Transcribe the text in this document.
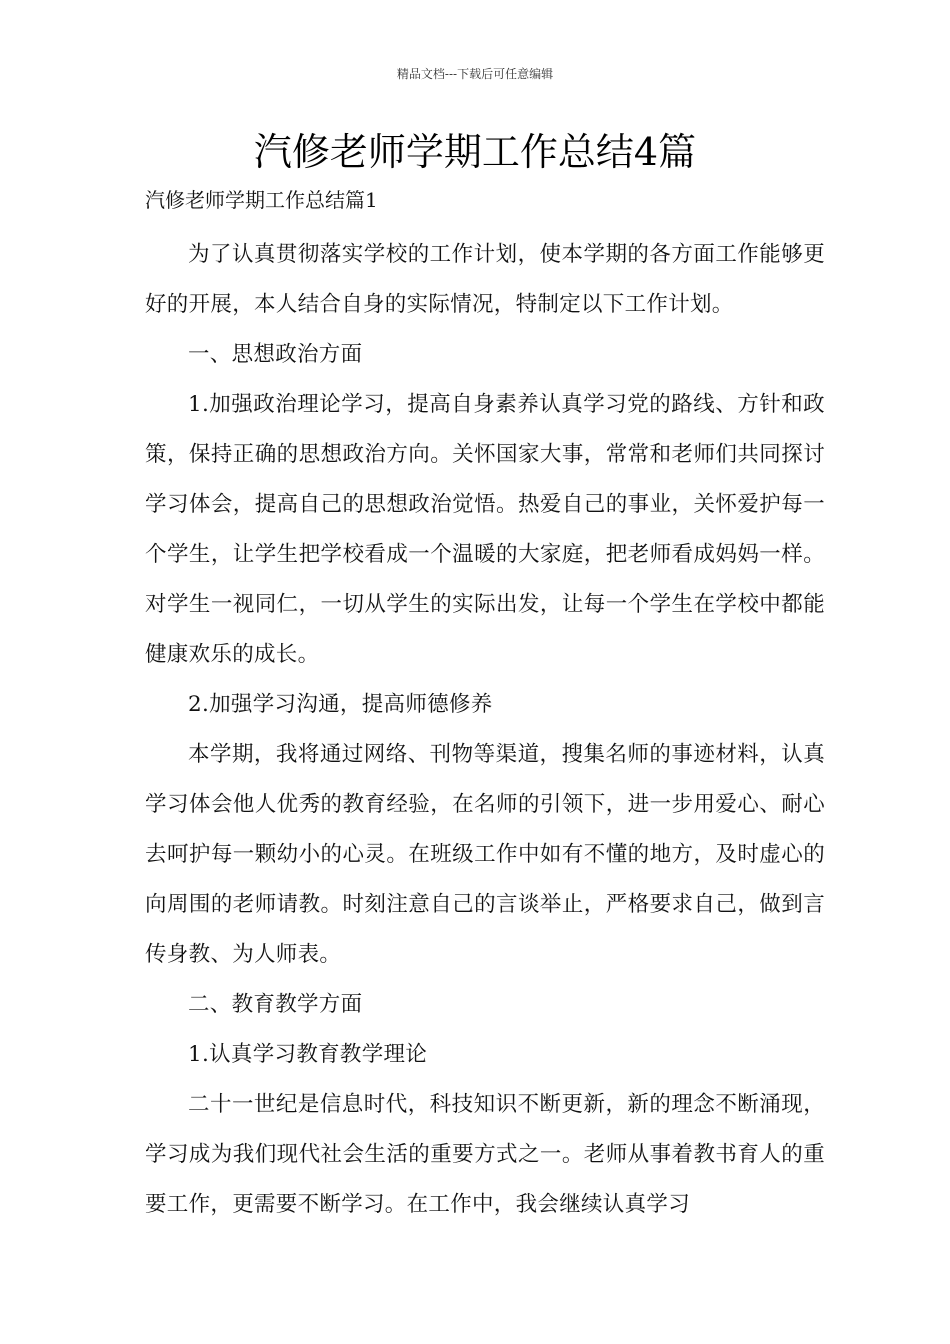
精品文档---下载后可任意编辑
汽修老师学期工作总结4篇
汽修老师学期工作总结篇1

为了认真贯彻落实学校的工作计划，使本学期的各方面工作能够更好的开展，本人结合自身的实际情况，特制定以下工作计划。

一、思想政治方面

1.加强政治理论学习，提高自身素养认真学习党的路线、方针和政策，保持正确的思想政治方向。关怀国家大事，常常和老师们共同探讨学习体会，提高自己的思想政治觉悟。热爱自己的事业，关怀爱护每一个学生，让学生把学校看成一个温暖的大家庭，把老师看成妈妈一样。对学生一视同仁，一切从学生的实际出发，让每一个学生在学校中都能健康欢乐的成长。

2.加强学习沟通，提高师德修养

本学期，我将通过网络、刊物等渠道，搜集名师的事迹材料，认真学习体会他人优秀的教育经验，在名师的引领下，进一步用爱心、耐心去呵护每一颗幼小的心灵。在班级工作中如有不懂的地方，及时虚心的向周围的老师请教。时刻注意自己的言谈举止，严格要求自己，做到言传身教、为人师表。

二、教育教学方面

1.认真学习教育教学理论

二十一世纪是信息时代，科技知识不断更新，新的理念不断涌现，学习成为我们现代社会生活的重要方式之一。老师从事着教书育人的重要工作，更需要不断学习。在工作中，我会继续认真学习
